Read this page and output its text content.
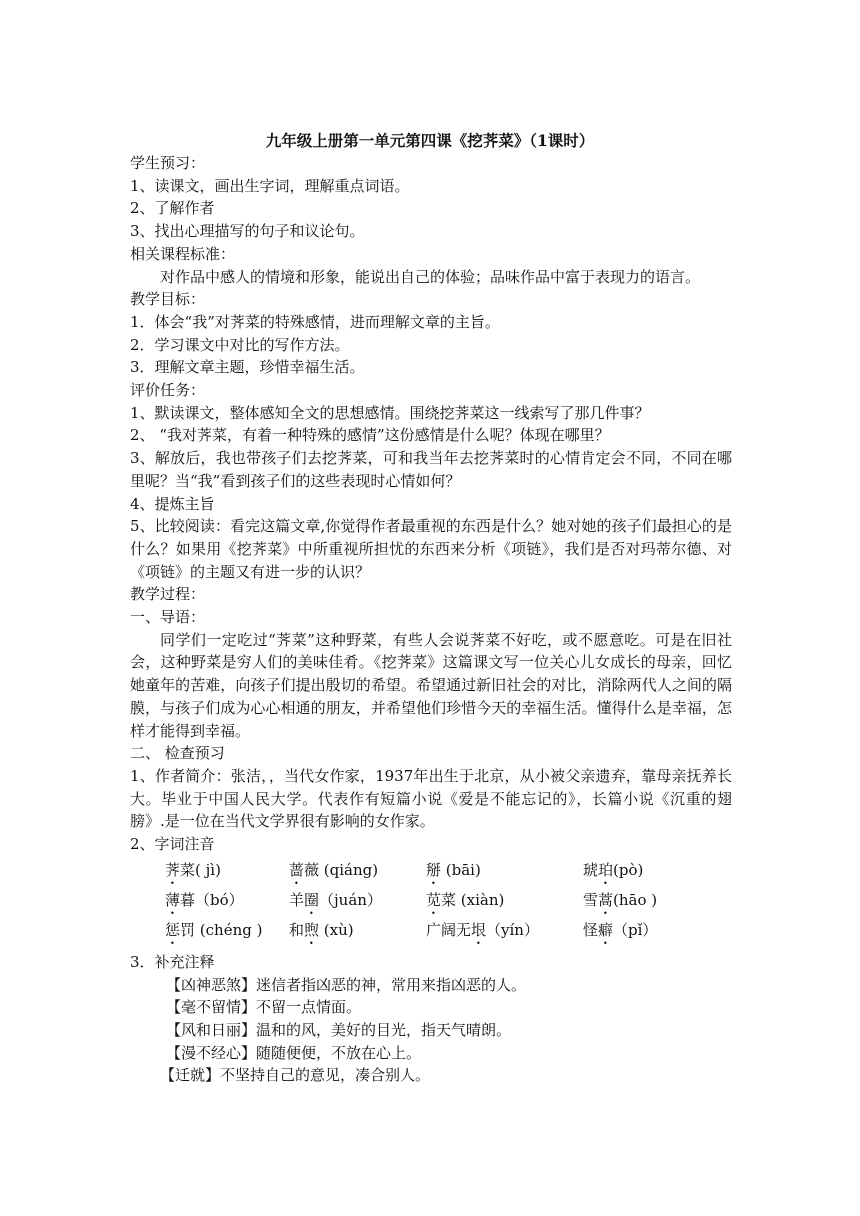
九年级上册第一单元第四课《挖荠菜》（1课时）
学生预习：
1、读课文，画出生字词，理解重点词语。
2、了解作者
3、找出心理描写的句子和议论句。
相关课程标准：
对作品中感人的情境和形象，能说出自己的体验；品味作品中富于表现力的语言。
教学目标：
1．体会“我”对荠菜的特殊感情，进而理解文章的主旨。
2．学习课文中对比的写作方法。
3．理解文章主题，珍惜幸福生活。
评价任务：
1、默读课文，整体感知全文的思想感情。围绕挖荠菜这一线索写了那几件事？
2、 “我对荠菜，有着一种特殊的感情”这份感情是什么呢？体现在哪里？
3、解放后，我也带孩子们去挖荠菜，可和我当年去挖荠菜时的心情肯定会不同，不同在哪里呢？当“我”看到孩子们的这些表现时心情如何？
4、提炼主旨
5、比较阅读：看完这篇文章,你觉得作者最重视的东西是什么？她对她的孩子们最担心的是什么？如果用《挖荠菜》中所重视所担忧的东西来分析《项链》，我们是否对玛蒂尔德、对《项链》的主题又有进一步的认识？
教学过程：
一、导语：
同学们一定吃过“荠菜”这种野菜，有些人会说荠菜不好吃，或不愿意吃。可是在旧社会，这种野菜是穷人们的美味佳肴。《挖荠菜》这篇课文写一位关心儿女成长的母亲，回忆她童年的苦难，向孩子们提出殷切的希望。希望通过新旧社会的对比，消除两代人之间的隔膜，与孩子们成为心心相通的朋友，并希望他们珍惜今天的幸福生活。懂得什么是幸福，怎样才能得到幸福。
二、 检查预习
1、作者简介：张洁，，当代女作家，1937年出生于北京，从小被父亲遗弃，靠母亲抚养长大。毕业于中国人民大学。代表作有短篇小说《爱是不能忘记的》，长篇小说《沉重的翅膀》.是一位在当代文学界很有影响的女作家。
2、字词注音
荠菜( jì)	蔷薇 (qiáng)	掰 (bāi)	琥珀(pò)
薄暮（bó）	羊圈（juán）	苋菜 (xiàn)	雪蒿(hāo )
惩罚 (chéng )	和煦 (xù)	广阔无垠（yín）	怪癖（pǐ）
3．补充注释
【凶神恶煞】迷信者指凶恶的神，常用来指凶恶的人。
【毫不留情】不留一点情面。
【风和日丽】温和的风，美好的目光，指天气晴朗。
【漫不经心】随随便便，不放在心上。
【迁就】不坚持自己的意见，凑合别人。
